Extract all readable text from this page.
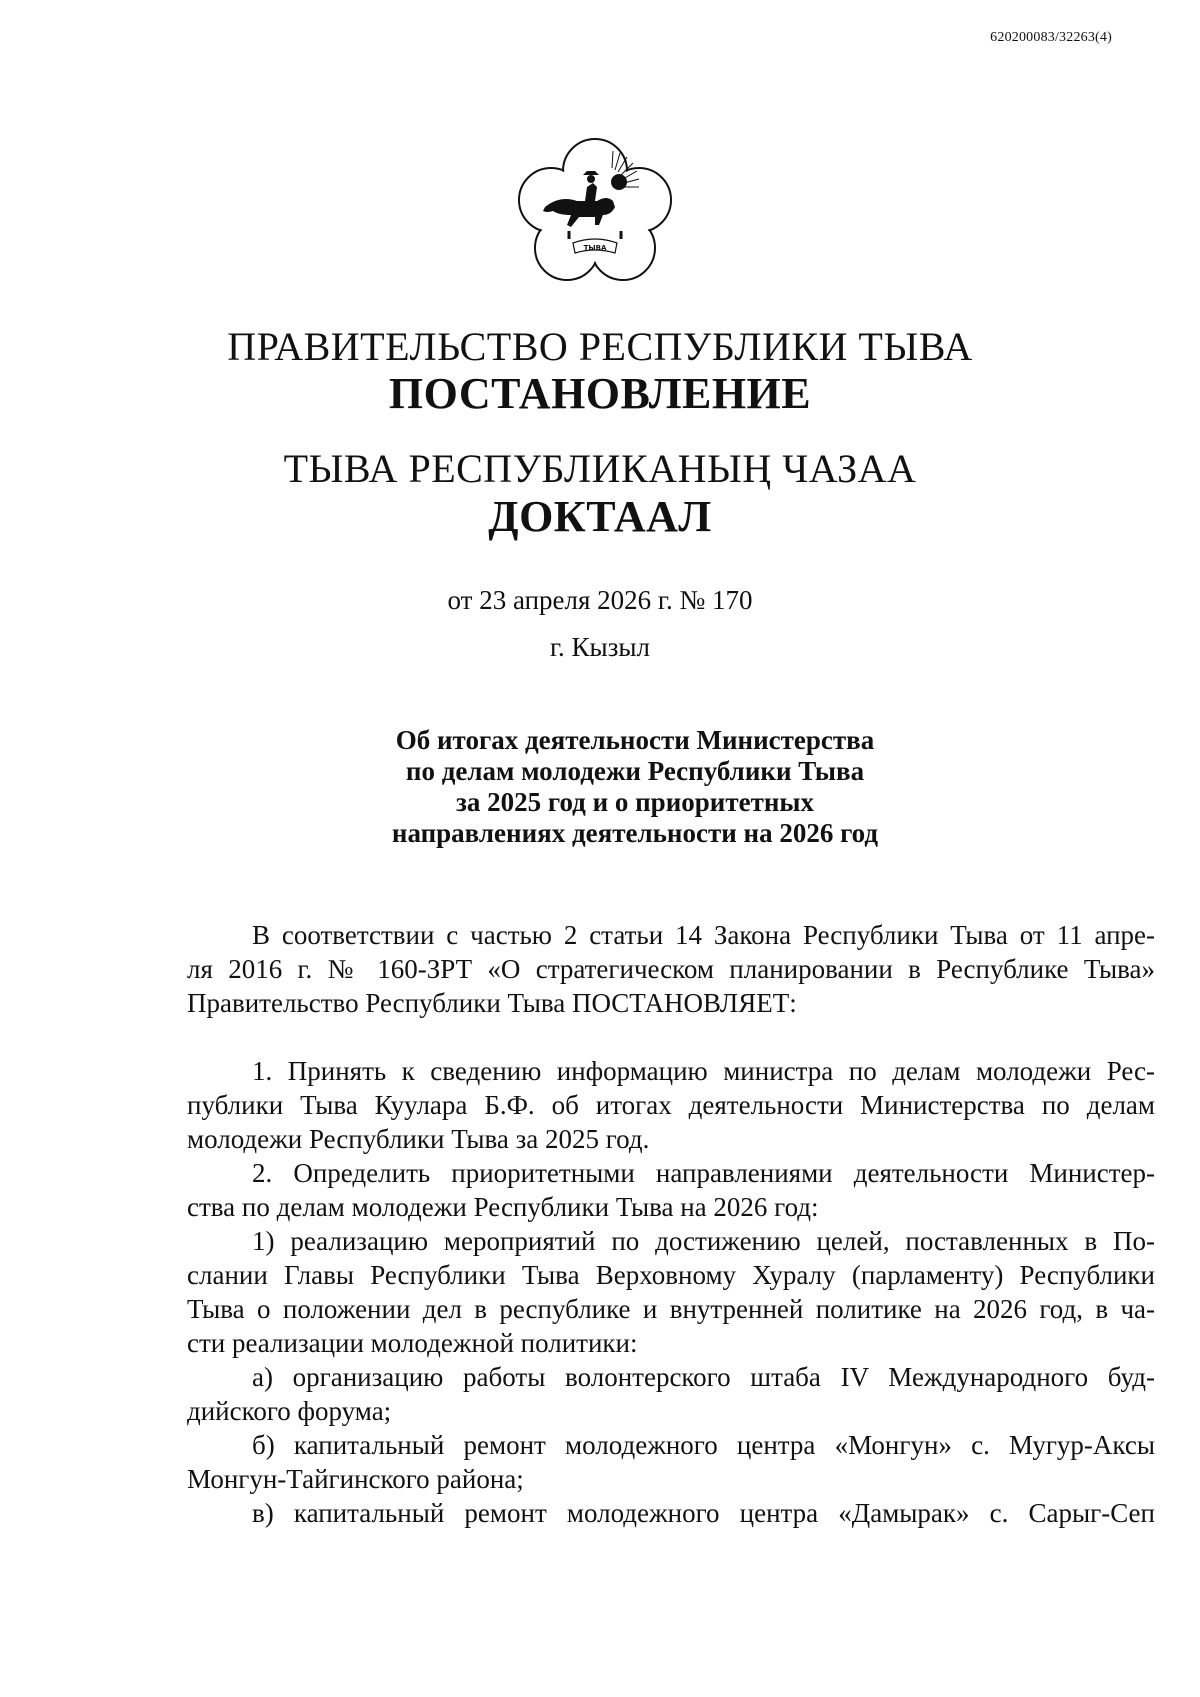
620200083/32263(4)
ТЫВА
ПРАВИТЕЛЬСТВО РЕСПУБЛИКИ ТЫВА
ПОСТАНОВЛЕНИЕ
ТЫВА РЕСПУБЛИКАНЫҢ ЧАЗАА
ДОКТААЛ
от 23 апреля 2026 г. № 170
г. Кызыл
Об итогах деятельности Министерства
по делам молодежи Республики Тыва
за 2025 год и о приоритетных
направлениях деятельности на 2026 год

В соответствии с частью 2 статьи 14 Закона Республики Тыва от 11 апре-

ля 2016 г. № 160-ЗРТ «О стратегическом планировании в Республике Тыва»

Правительство Республики Тыва ПОСТАНОВЛЯЕТ:

1. Принять к сведению информацию министра по делам молодежи Рес-

публики Тыва Куулара Б.Ф. об итогах деятельности Министерства по делам

молодежи Республики Тыва за 2025 год.

2. Определить приоритетными направлениями деятельности Министер-

ства по делам молодежи Республики Тыва на 2026 год:

1) реализацию мероприятий по достижению целей, поставленных в По-

слании Главы Республики Тыва Верховному Хуралу (парламенту) Республики

Тыва о положении дел в республике и внутренней политике на 2026 год, в ча-

сти реализации молодежной политики:

а) организацию работы волонтерского штаба IV Международного буд-

дийского форума;

б) капитальный ремонт молодежного центра «Монгун» с. Мугур-Аксы

Монгун-Тайгинского района;

в) капитальный ремонт молодежного центра «Дамырак» с. Сарыг-Сеп
